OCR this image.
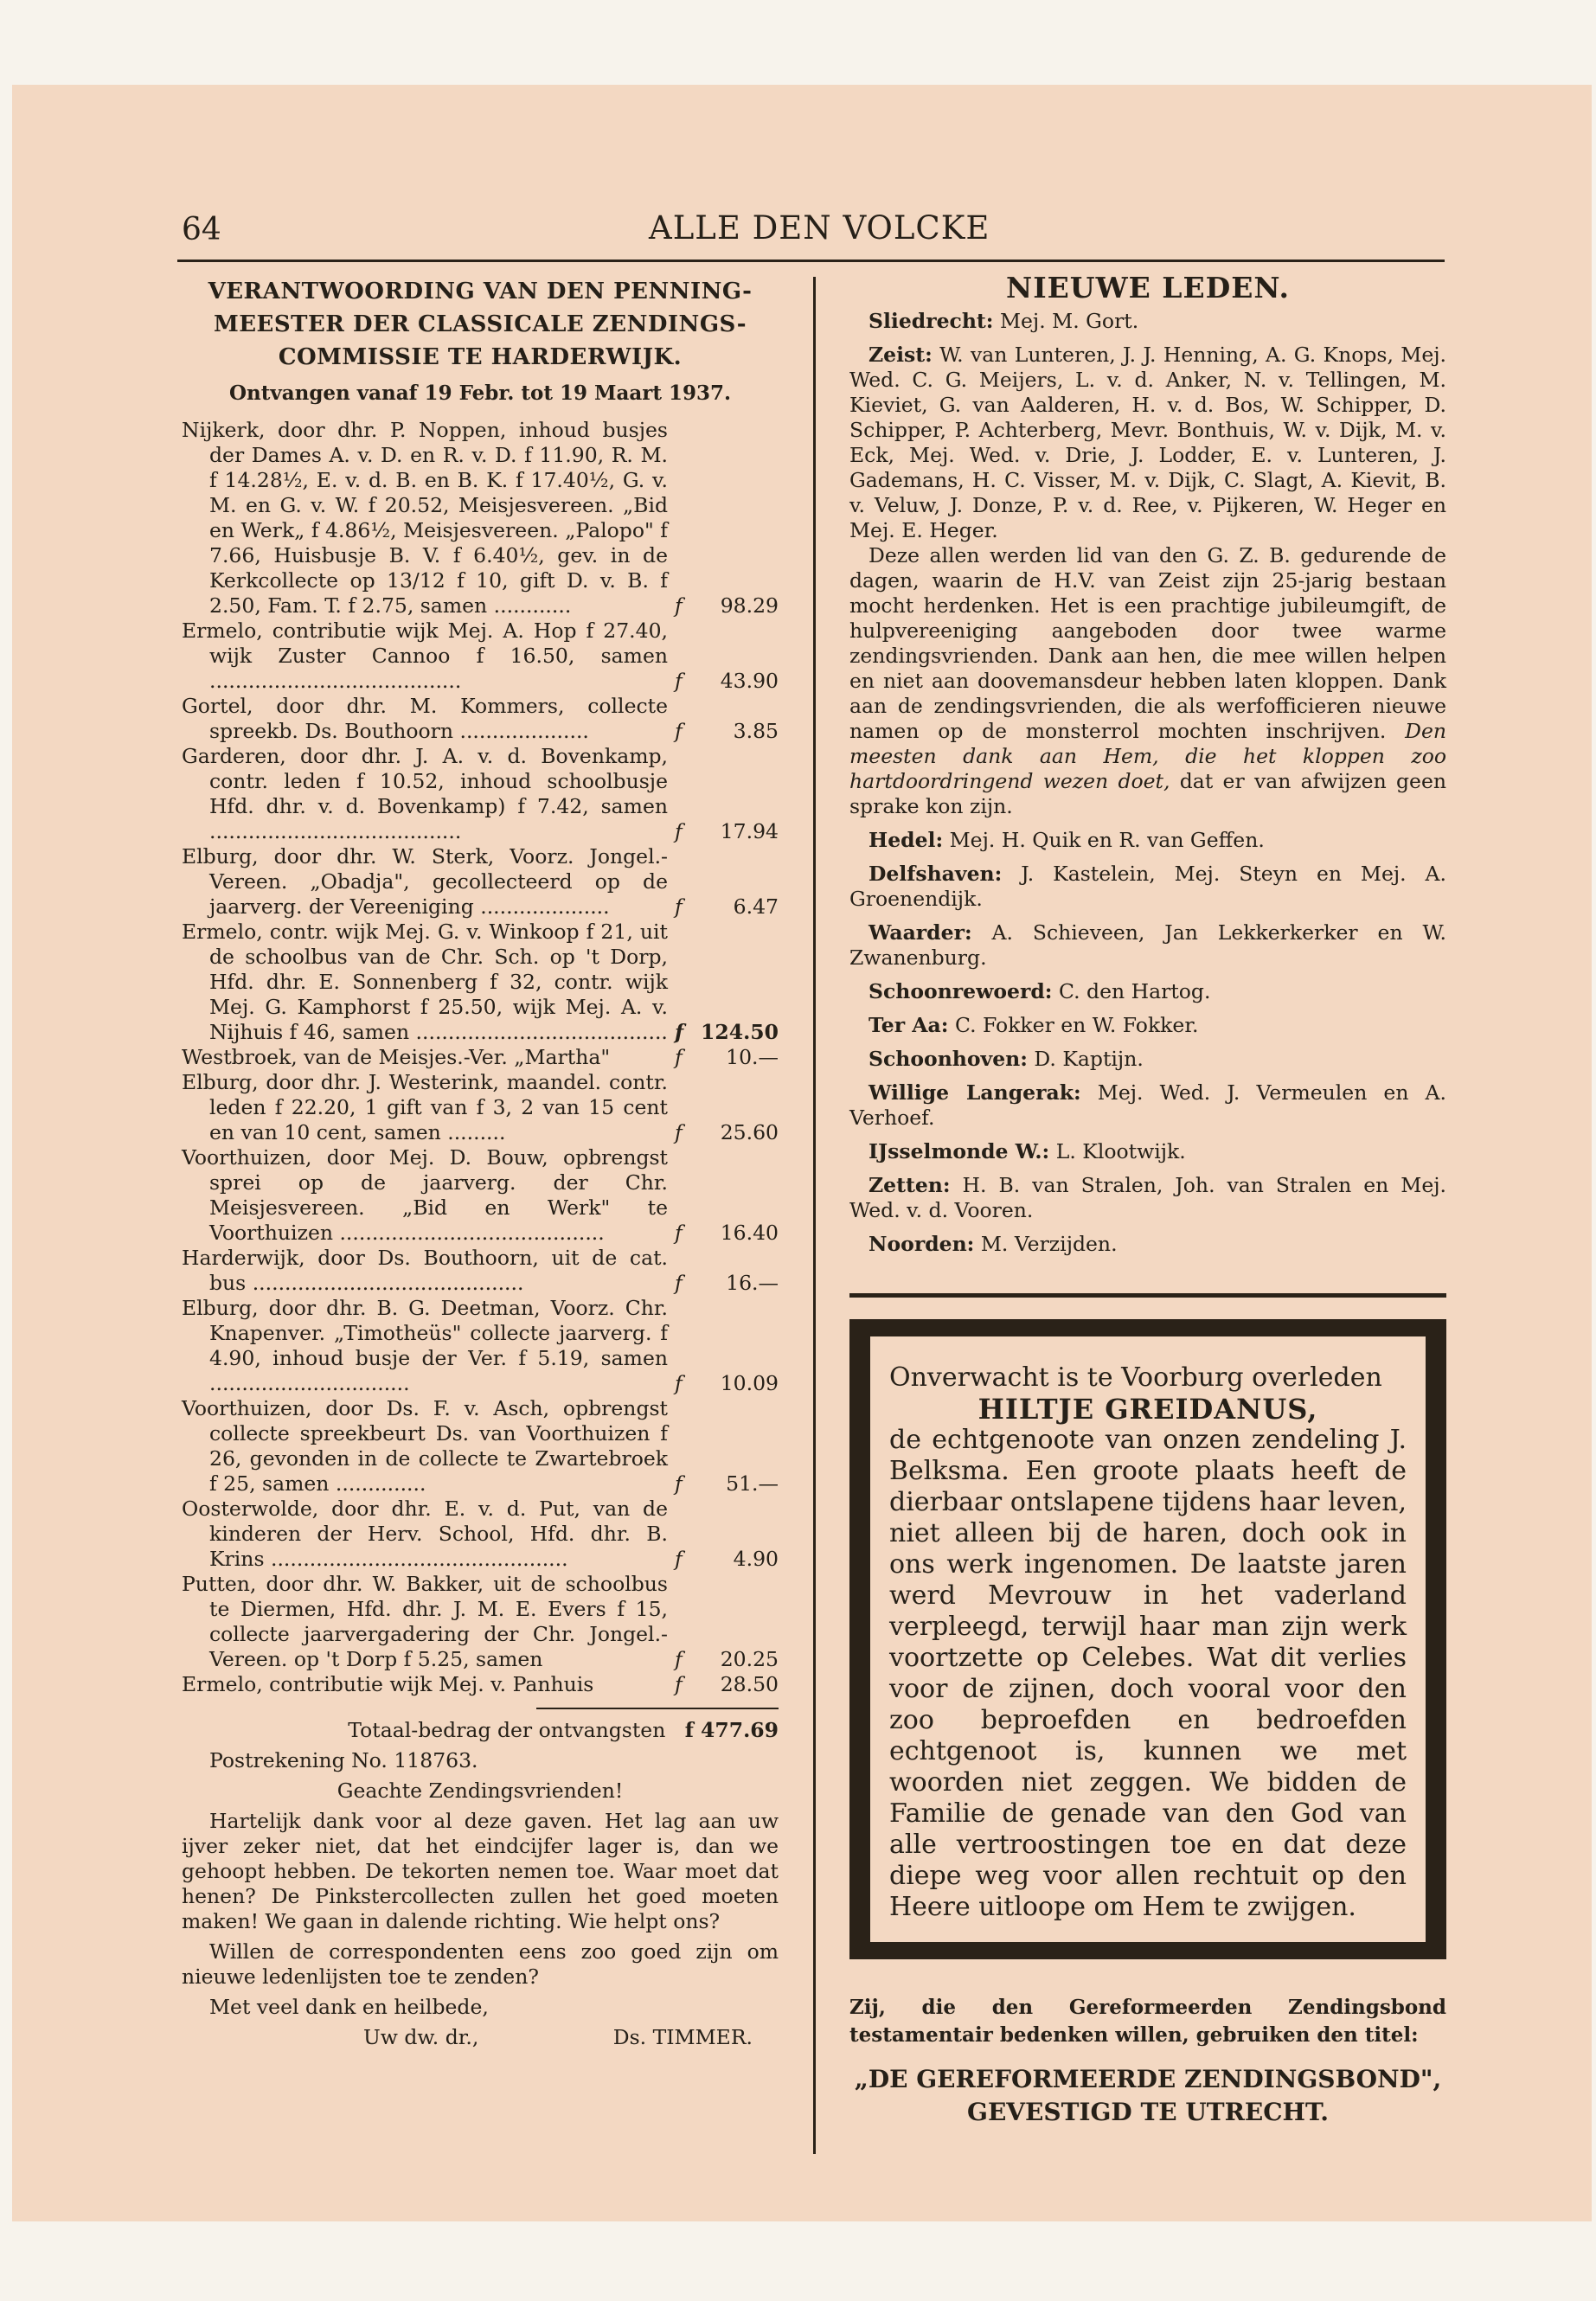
64	ALLE DEN VOLCKE
VERANTWOORDING VAN DEN PENNING-
MEESTER DER CLASSICALE ZENDINGS-
COMMISSIE TE HARDERWIJK.
Ontvangen vanaf 19 Febr. tot 19 Maart 1937.
Nijkerk, door dhr. P. Noppen, inhoud busjes der Dames A. v. D. en R. v. D. f 11.90, R. M. f 14.28½, E. v. d. B. en B. K. f 17.40½, G. v. M. en G. v. W. f 20.52, Meisjesvereen. „Bid en Werk„ f 4.86½, Meisjesvereen. „Palopo" f 7.66, Huisbusje B. V. f 6.40½, gev. in de Kerkcollecte op 13/12 f 10, gift D. v. B. f 2.50, Fam. T. f 2.75, samen ............	f 98.29
Ermelo, contributie wijk Mej. A. Hop f 27.40, wijk Zuster Cannoo f 16.50, samen .......................................	f 43.90
Gortel, door dhr. M. Kommers, collecte spreekb. Ds. Bouthoorn ....................	f	3.85
Garderen, door dhr. J. A. v. d. Bovenkamp, contr. leden f 10.52, inhoud schoolbusje Hfd. dhr. v. d. Bovenkamp) f 7.42, samen .......................................	f 17.94
Elburg, door dhr. W. Sterk, Voorz. Jongel.-Vereen. „Obadja", gecollecteerd op de jaarverg. der Vereeniging ....................	f	6.47
Ermelo, contr. wijk Mej. G. v. Winkoop f 21, uit de schoolbus van de Chr. Sch. op 't Dorp, Hfd. dhr. E. Sonnenberg f 32, contr. wijk Mej. G. Kamphorst f 25.50, wijk Mej. A. v. Nijhuis f 46, samen ....................................... f 124.50
Westbroek, van de Meisjes.-Ver. „Martha"	f 10.—
Elburg, door dhr. J. Westerink, maandel. contr. leden f 22.20, 1 gift van f 3, 2 van 15 cent en van 10 cent, samen .........	f 25.60
Voorthuizen, door Mej. D. Bouw, opbrengst sprei op de jaarverg. der Chr. Meisjesvereen. „Bid en Werk" te Voorthuizen .........................................	f 16.40
Harderwijk, door Ds. Bouthoorn, uit de cat. bus ..........................................	f 16.—
Elburg, door dhr. B. G. Deetman, Voorz. Chr. Knapenver. „Timotheüs" collecte jaarverg. f 4.90, inhoud busje der Ver. f 5.19, samen ...............................	f 10.09
Voorthuizen, door Ds. F. v. Asch, opbrengst collecte spreekbeurt Ds. van Voorthuizen f 26, gevonden in de collecte te Zwartebroek f 25, samen ..............	f 51.—
Oosterwolde, door dhr. E. v. d. Put, van de kinderen der Herv. School, Hfd. dhr. B. Krins ..............................................	f	4.90
Putten, door dhr. W. Bakker, uit de schoolbus te Diermen, Hfd. dhr. J. M. E. Evers f 15, collecte jaarvergadering der Chr. Jongel.-Vereen. op 't Dorp f 5.25, samen	f 20.25
Ermelo, contributie wijk Mej. v. Panhuis	f 28.50
Totaal-bedrag der ontvangsten f 477.69
Postrekening No. 118763.
Geachte Zendingsvrienden!
Hartelijk dank voor al deze gaven. Het lag aan uw ijver zeker niet, dat het eindcijfer lager is, dan we gehoopt hebben. De tekorten nemen toe. Waar moet dat henen? De Pinkstercollecten zullen het goed moeten maken! We gaan in dalende richting. Wie helpt ons?
Willen de correspondenten eens zoo goed zijn om nieuwe ledenlijsten toe te zenden?
Met veel dank en heilbede,
Uw dw. dr.,	Ds. TIMMER.
NIEUWE LEDEN.
Sliedrecht: Mej. M. Gort.
Zeist: W. van Lunteren, J. J. Henning, A. G. Knops, Mej. Wed. C. G. Meijers, L. v. d. Anker, N. v. Tellingen, M. Kieviet, G. van Aalderen, H. v. d. Bos, W. Schipper, D. Schipper, P. Achterberg, Mevr. Bonthuis, W. v. Dijk, M. v. Eck, Mej. Wed. v. Drie, J. Lodder, E. v. Lunteren, J. Gademans, H. C. Visser, M. v. Dijk, C. Slagt, A. Kievit, B. v. Veluw, J. Donze, P. v. d. Ree, v. Pijkeren, W. Heger en Mej. E. Heger.
Deze allen werden lid van den G. Z. B. gedurende de dagen, waarin de H.V. van Zeist zijn 25-jarig bestaan mocht herdenken. Het is een prachtige jubileumgift, de hulpvereeniging aangeboden door twee warme zendingsvrienden. Dank aan hen, die mee willen helpen en niet aan doovemansdeur hebben laten kloppen. Dank aan de zendingsvrienden, die als werfofficieren nieuwe namen op de monsterrol mochten inschrijven. Den meesten dank aan Hem, die het kloppen zoo hartdoordringend wezen doet, dat er van afwijzen geen sprake kon zijn.
Hedel: Mej. H. Quik en R. van Geffen.
Delfshaven: J. Kastelein, Mej. Steyn en Mej. A. Groenendijk.
Waarder: A. Schieveen, Jan Lekkerkerker en W. Zwanenburg.
Schoonrewoerd: C. den Hartog.
Ter Aa: C. Fokker en W. Fokker.
Schoonhoven: D. Kaptijn.
Willige Langerak: Mej. Wed. J. Vermeulen en A. Verhoef.
IJsselmonde W.: L. Klootwijk.
Zetten: H. B. van Stralen, Joh. van Stralen en Mej. Wed. v. d. Vooren.
Noorden: M. Verzijden.
Onverwacht is te Voorburg overleden
HILTJE GREIDANUS,
de echtgenoote van onzen zendeling J. Belksma. Een groote plaats heeft de dierbaar ontslapene tijdens haar leven, niet alleen bij de haren, doch ook in ons werk ingenomen. De laatste jaren werd Mevrouw in het vaderland verpleegd, terwijl haar man zijn werk voortzette op Celebes. Wat dit verlies voor de zijnen, doch vooral voor den zoo beproefden en bedroefden echtgenoot is, kunnen we met woorden niet zeggen. We bidden de Familie de genade van den God van alle vertroostingen toe en dat deze diepe weg voor allen rechtuit op den Heere uitloope om Hem te zwijgen.
Zij, die den Gereformeerden Zendingsbond testamentair bedenken willen, gebruiken den titel:
„DE GEREFORMEERDE ZENDINGSBOND",
GEVESTIGD TE UTRECHT.
